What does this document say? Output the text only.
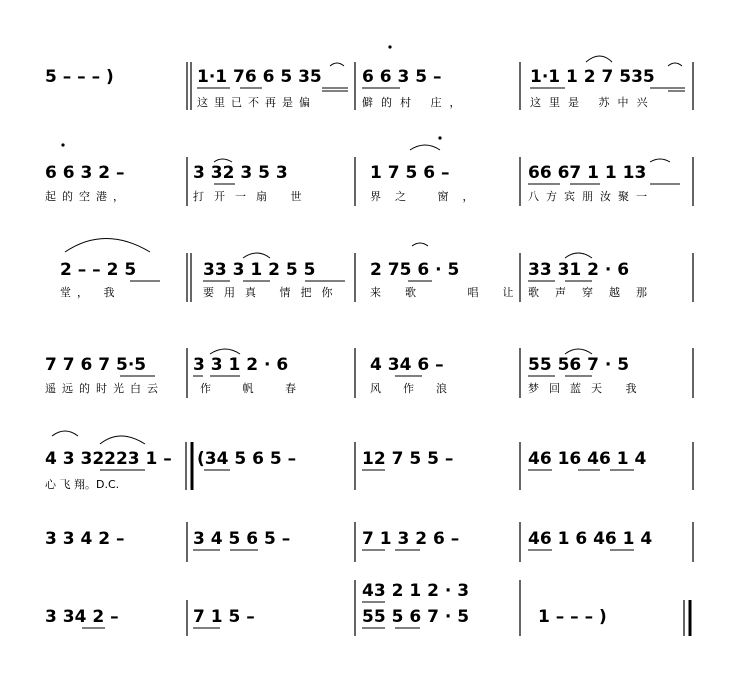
5 – – – )	1·1 76 6 5 35
这里已不再是偏
6 6 3 5 –
僻的村 庄，
1·1 1 2 7 535
这里是 苏中兴
6 6 3 2 –
起的空港，
3 32 3 5 3
打开一扇 世
1 7 5 6 –
界之 窗，
66 67 1 1 13
八方宾朋汝聚一
2 – – 2 5
堂， 我
33 3 1 2 5 5
要用真 情把你
2 75 6 · 5
来歌 唱让
33 31 2 · 6
歌声穿越那
7 7 6 7 5·5
遥远的时光白云
3 3 1 2 · 6
作 帆 春
4 34 6 –
风作浪
55 56 7 · 5
梦回蓝天 我
4 3 32223 1 –
心 飞 翔。D.C.
(34 5 6 5 –	12 7 5 5 –	46 16 46 1 4
3 3 4 2 –	3 4 5 6 5 –	7 1 3 2 6 –	46 1 6 46 1 4
3 34 2 –	7 1 5 –
43 2 1 2 · 3
55 5 6 7 · 5	1 – – – )
